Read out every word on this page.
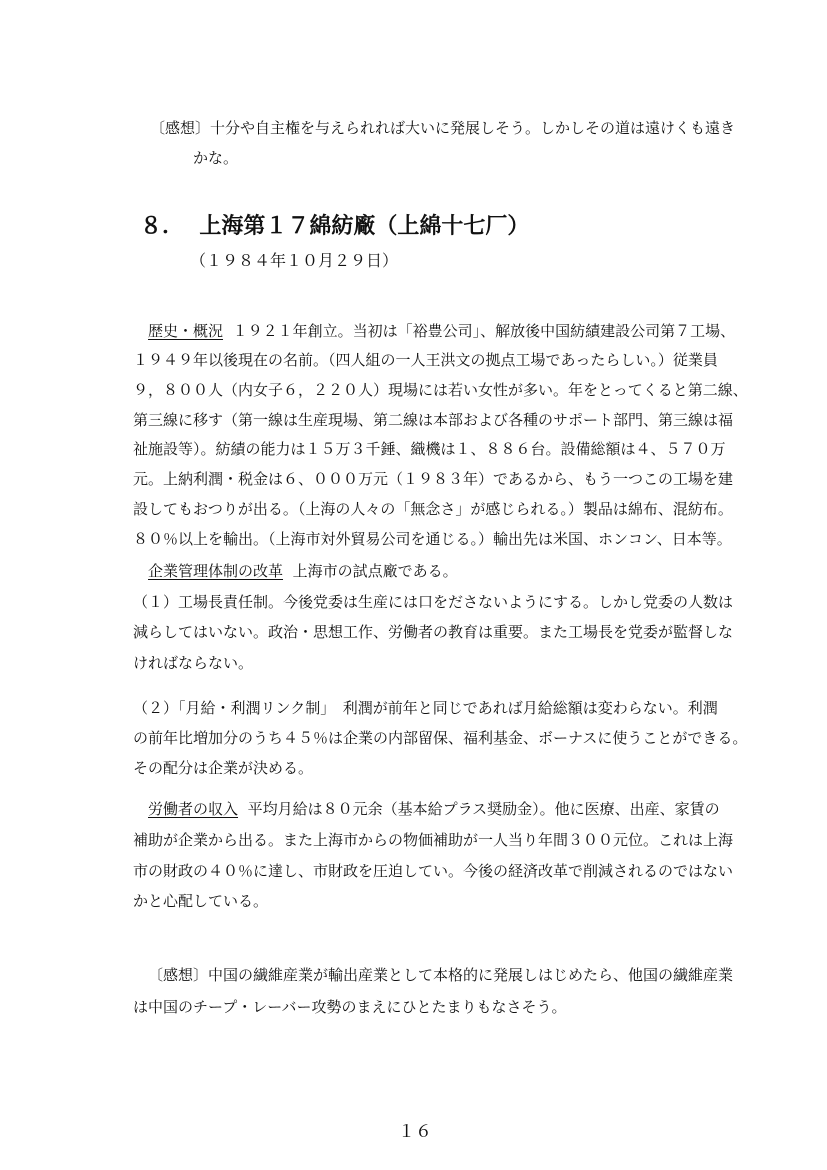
〔感想〕十分や自主権を与えられれば大いに発展しそう。しかしその道は遠けくも遠き
かな。
８． 上海第１７綿紡廠（上綿十七厂）
（１９８４年１０月２９日）
歴史・概況 １９２１年創立。当初は「裕豊公司」、解放後中国紡績建設公司第７工場、
１９４９年以後現在の名前。（四人組の一人王洪文の拠点工場であったらしい。）従業員
９，８００人（内女子６，２２０人）現場には若い女性が多い。年をとってくると第二線、
第三線に移す（第一線は生産現場、第二線は本部および各種のサポート部門、第三線は福
祉施設等）。紡績の能力は１５万３千錘、織機は１、８８６台。設備総額は４、５７０万
元。上納利潤・税金は６、０００万元（１９８３年）であるから、もう一つこの工場を建
設してもおつりが出る。（上海の人々の「無念さ」が感じられる。）製品は綿布、混紡布。
８０％以上を輸出。（上海市対外貿易公司を通じる。）輸出先は米国、ホンコン、日本等。
企業管理体制の改革 上海市の試点廠である。
（１）工場長責任制。今後党委は生産には口をださないようにする。しかし党委の人数は
減らしてはいない。政治・思想工作、労働者の教育は重要。また工場長を党委が監督しな
ければならない。
（２）「月給・利潤リンク制」　利潤が前年と同じであれば月給総額は変わらない。利潤
の前年比増加分のうち４５％は企業の内部留保、福利基金、ボーナスに使うことができる。
その配分は企業が決める。
労働者の収入 平均月給は８０元余（基本給プラス奨励金）。他に医療、出産、家賃の
補助が企業から出る。また上海市からの物価補助が一人当り年間３００元位。これは上海
市の財政の４０％に達し、市財政を圧迫してい。今後の経済改革で削減されるのではない
かと心配している。
〔感想〕中国の繊維産業が輸出産業として本格的に発展しはじめたら、他国の繊維産業
は中国のチープ・レーバー攻勢のまえにひとたまりもなさそう。
１６
